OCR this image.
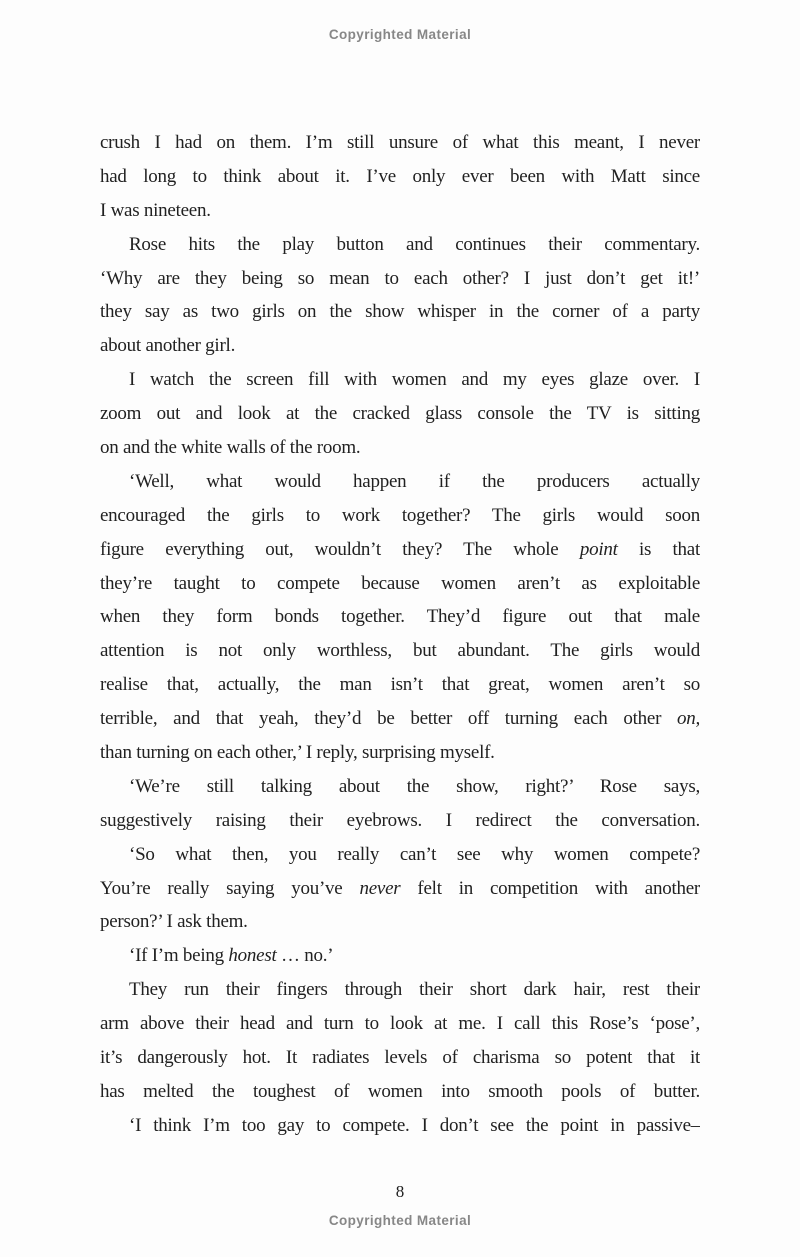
Copyrighted Material
crush I had on them. I’m still unsure of what this meant, I never
had long to think about it. I’ve only ever been with Matt since
I was nineteen.
Rose hits the play button and continues their commentary.
‘Why are they being so mean to each other? I just don’t get it!’
they say as two girls on the show whisper in the corner of a party
about another girl.
I watch the screen fill with women and my eyes glaze over. I
zoom out and look at the cracked glass console the TV is sitting
on and the white walls of the room.
‘Well, what would happen if the producers actually
encouraged the girls to work together? The girls would soon
figure everything out, wouldn’t they? The whole point is that
they’re taught to compete because women aren’t as exploitable
when they form bonds together. They’d figure out that male
attention is not only worthless, but abundant. The girls would
realise that, actually, the man isn’t that great, women aren’t so
terrible, and that yeah, they’d be better off turning each other on,
than turning on each other,’ I reply, surprising myself.
‘We’re still talking about the show, right?’ Rose says,
suggestively raising their eyebrows. I redirect the conversation.
‘So what then, you really can’t see why women compete?
You’re really saying you’ve never felt in competition with another
person?’ I ask them.
‘If I’m being honest … no.’
They run their fingers through their short dark hair, rest their
arm above their head and turn to look at me. I call this Rose’s ‘pose’,
it’s dangerously hot. It radiates levels of charisma so potent that it
has melted the toughest of women into smooth pools of butter.
‘I think I’m too gay to compete. I don’t see the point in passive–
8
Copyrighted Material
